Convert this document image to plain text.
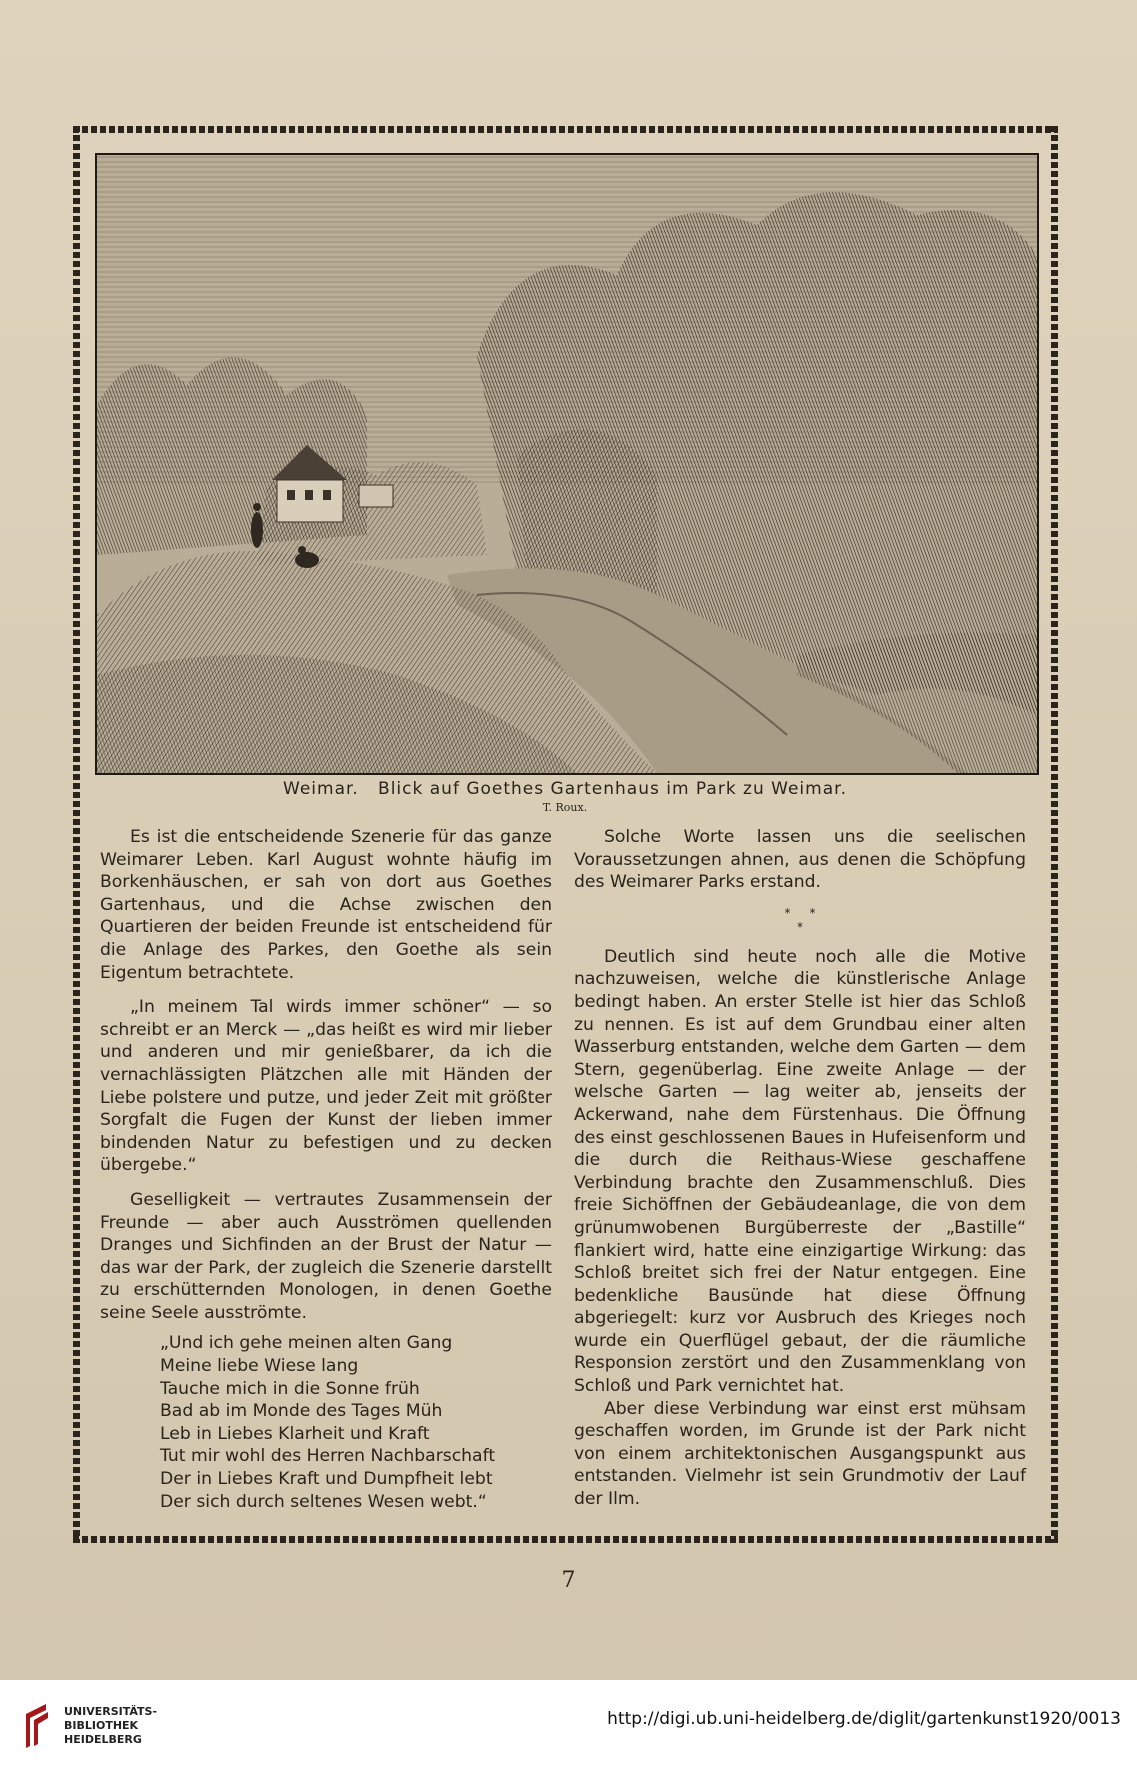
Weimar.   Blick auf Goethes Gartenhaus im Park zu Weimar.
T. Roux.

Es ist die entscheidende Szenerie für das ganze Weimarer Leben. Karl August wohnte häufig im Borkenhäuschen, er sah von dort aus Goethes Gartenhaus, und die Achse zwischen den Quartieren der beiden Freunde ist entscheidend für die Anlage des Parkes, den Goethe als sein Eigentum betrachtete.

„In meinem Tal wirds immer schöner“ — so schreibt er an Merck — „das heißt es wird mir lieber und anderen und mir genießbarer, da ich die vernachlässigten Plätzchen alle mit Händen der Liebe polstere und putze, und jeder Zeit mit größter Sorgfalt die Fugen der Kunst der lieben immer bindenden Natur zu befestigen und zu decken übergebe.“

Geselligkeit — vertrautes Zusammensein der Freunde — aber auch Ausströmen quellenden Dranges und Sichfinden an der Brust der Natur — das war der Park, der zugleich die Szenerie darstellt zu erschütternden Monologen, in denen Goethe seine Seele ausströmte.

„Und ich gehe meinen alten Gang
Meine liebe Wiese lang
Tauche mich in die Sonne früh
Bad ab im Monde des Tages Müh
Leb in Liebes Klarheit und Kraft
Tut mir wohl des Herren Nachbarschaft
Der in Liebes Kraft und Dumpfheit lebt
Der sich durch seltenes Wesen webt.“

Solche Worte lassen uns die seelischen Voraussetzungen ahnen, aus denen die Schöpfung des Weimarer Parks erstand.

*     *
*

Deutlich sind heute noch alle die Motive nachzuweisen, welche die künstlerische Anlage bedingt haben. An erster Stelle ist hier das Schloß zu nennen. Es ist auf dem Grundbau einer alten Wasserburg entstanden, welche dem Garten — dem Stern, gegenüberlag. Eine zweite Anlage — der welsche Garten — lag weiter ab, jenseits der Ackerwand, nahe dem Fürstenhaus. Die Öffnung des einst geschlossenen Baues in Hufeisenform und die durch die Reithaus-Wiese geschaffene Verbindung brachte den Zusammenschluß. Dies freie Sichöffnen der Gebäudeanlage, die von dem grünumwobenen Burgüberreste der „Bastille“ flankiert wird, hatte eine einzigartige Wirkung: das Schloß breitet sich frei der Natur entgegen. Eine bedenkliche Bausünde hat diese Öffnung abgeriegelt: kurz vor Ausbruch des Krieges noch wurde ein Querflügel gebaut, der die räumliche Responsion zerstört und den Zusammenklang von Schloß und Park vernichtet hat.

Aber diese Verbindung war einst erst mühsam geschaffen worden, im Grunde ist der Park nicht von einem architektonischen Ausgangspunkt aus entstanden. Vielmehr ist sein Grundmotiv der Lauf der Ilm.

7
UNIVERSITÄTS-
BIBLIOTHEK
HEIDELBERG
http://digi.ub.uni-heidelberg.de/diglit/gartenkunst1920/0013
